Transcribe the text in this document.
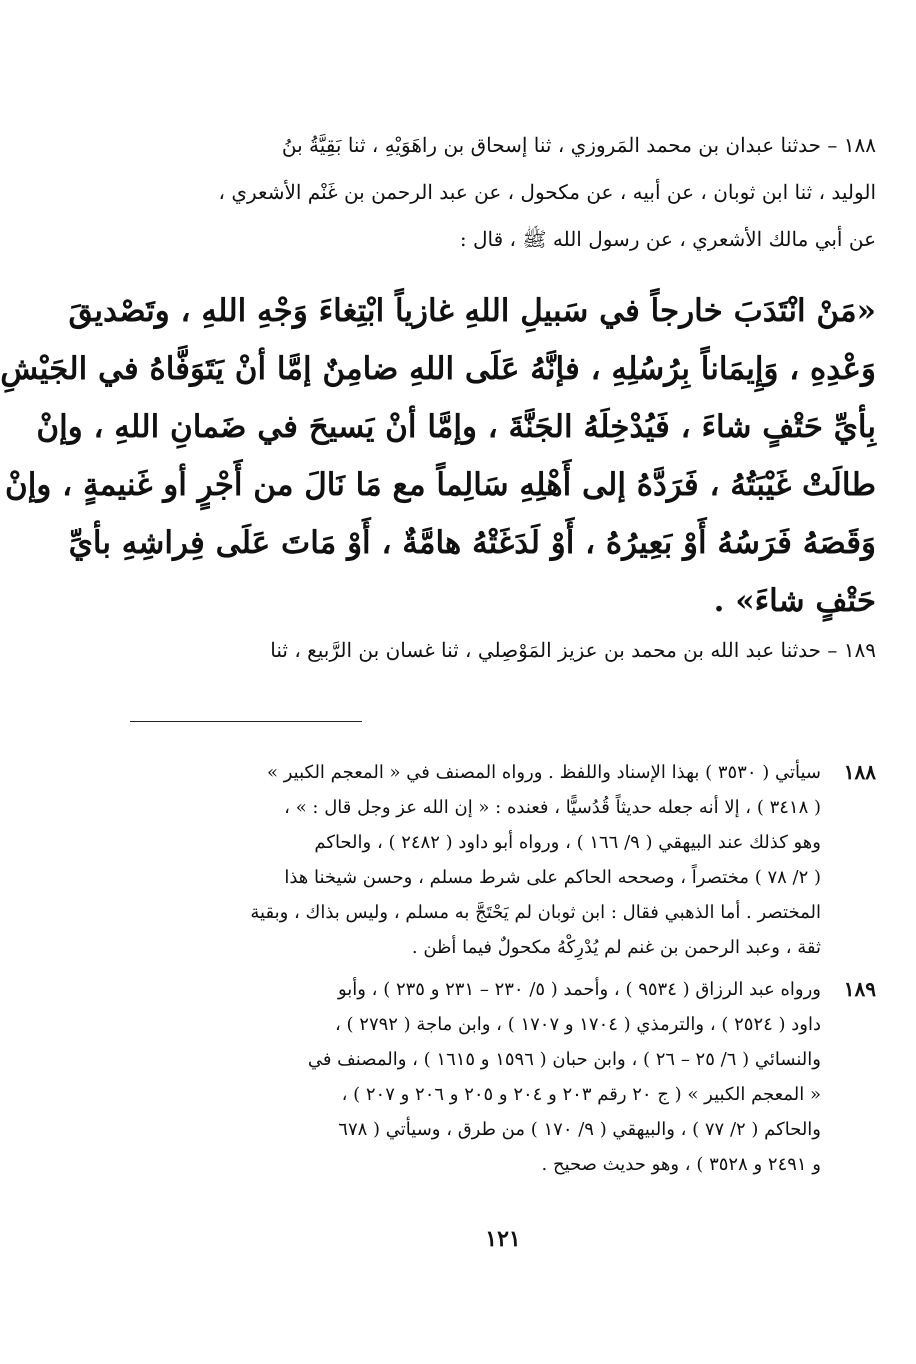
١٨٨ – حدثنا عبدان بن محمد المَروزي ، ثنا إسحاق بن راهَوَيْهِ ، ثنا بَقِيَّةُ بنُ
الوليد ، ثنا ابن ثوبان ، عن أبيه ، عن مكحول ، عن عبد الرحمن بن غَنْم الأشعري ،
عن أبي مالك الأشعري ، عن رسول الله ﷺ ، قال :
«مَنْ انْتَدَبَ خارجاً في سَبيلِ اللهِ غازياً ابْتِغاءَ وَجْهِ اللهِ ، وتَصْديقَ
وَعْدِهِ ، وَإِيمَاناً بِرُسُلِهِ ، فإنَّهُ عَلَى اللهِ ضامِنٌ إمَّا أنْ يَتَوَفَّاهُ في الجَيْشِ
بِأيِّ حَتْفٍ شاءَ ، فَيُدْخِلَهُ الجَنَّةَ ، وإمَّا أنْ يَسيحَ في ضَمانِ اللهِ ، وإنْ
طالَتْ غَيْبَتُهُ ، فَرَدَّهُ إلى أَهْلِهِ سَالِماً مع مَا نَالَ من أَجْرٍ أو غَنيمةٍ ، وإنْ
وَقَصَهُ فَرَسُهُ أَوْ بَعِيرُهُ ، أَوْ لَدَغَتْهُ هامَّةٌ ، أَوْ مَاتَ عَلَى فِراشِهِ بأيِّ
حَتْفٍ شاءَ» .
١٨٩ – حدثنا عبد الله بن محمد بن عزيز المَوْصِلي ، ثنا غسان بن الرَّبيع ، ثنا
١٨٨
سيأتي ( ٣٥٣٠ ) بهذا الإسناد واللفظ . ورواه المصنف في « المعجم الكبير »
( ٣٤١٨ ) ، إلا أنه جعله حديثاً قُدُسيًّا ، فعنده : « إن الله عز وجل قال : » ،
وهو كذلك عند البيهقي ( ٩/ ١٦٦ ) ، ورواه أبو داود ( ٢٤٨٢ ) ، والحاكم
( ٢/ ٧٨ ) مختصراً ، وصححه الحاكم على شرط مسلم ، وحسن شيخنا هذا
المختصر . أما الذهبي فقال : ابن ثوبان لم يَحْتَجَّ به مسلم ، وليس بذاك ، وبقية
ثقة ، وعبد الرحمن بن غنم لم يُدْرِكْهُ مكحولٌ فيما أظن .
١٨٩
ورواه عبد الرزاق ( ٩٥٣٤ ) ، وأحمد ( ٥/ ٢٣٠ – ٢٣١ و ٢٣٥ ) ، وأبو
داود ( ٢٥٢٤ ) ، والترمذي ( ١٧٠٤ و ١٧٠٧ ) ، وابن ماجة ( ٢٧٩٢ ) ،
والنسائي ( ٦/ ٢٥ – ٢٦ ) ، وابن حبان ( ١٥٩٦ و ١٦١٥ ) ، والمصنف في
« المعجم الكبير » ( ج ٢٠ رقم ٢٠٣ و ٢٠٤ و ٢٠٥ و ٢٠٦ و ٢٠٧ ) ،
والحاكم ( ٢/ ٧٧ ) ، والبيهقي ( ٩/ ١٧٠ ) من طرق ، وسيأتي ( ٦٧٨
و ٢٤٩١ و ٣٥٢٨ ) ، وهو حديث صحيح .
١٢١
